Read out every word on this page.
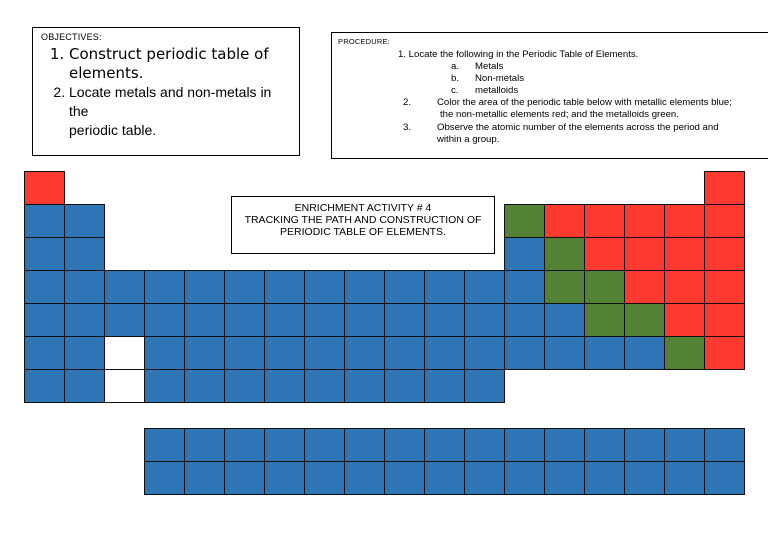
OBJECTIVES:
1. Construct periodic table of
elements.
2. Locate metals and non-metals in the
periodic table.
PROCEDURE:
1. Locate the following in the Periodic Table of Elements.
a. Metals
b. Non-metals
c. metalloids
2.	Color the area of the periodic table below with metallic elements blue;
the non-metallic elements red; and the metalloids green.
3.	Observe the atomic number of the elements across the period and
within a group.
ENRICHMENT ACTIVITY # 4
TRACKING THE PATH AND CONSTRUCTION OF
PERIODIC TABLE OF ELEMENTS.
